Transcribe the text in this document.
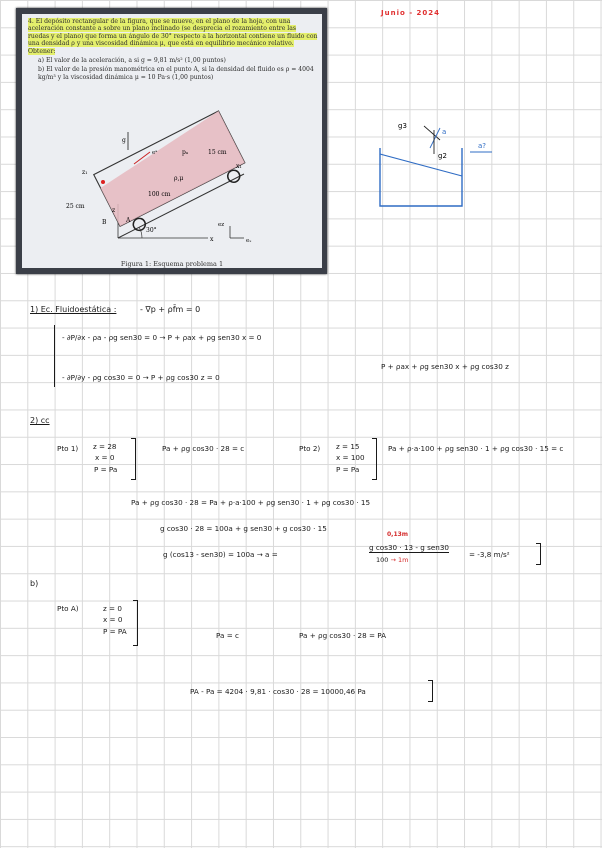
4. El depósito rectangular de la figura, que se mueve, en el plano de la hoja, con una aceleración constante a sobre un plano inclinado (se desprecia el rozamiento entre las ruedas y el plano) que forma un ángulo de 30° respecto a la horizontal contiene un fluido con una densidad ρ y una viscosidad dinámica μ, que está en equilibrio mecánico relativo. Obtener:

a) El valor de la aceleración, a si g = 9,81 m/s² (1,00 puntos)

b) El valor de la presión manométrica en el punto A, si la densidad del fluido es ρ = 4004 kg/m³ y la viscosidad dinámica μ = 10 Pa·s (1,00 puntos)

g
eᵃ	pₐ
ρ,μ
z₁
x₁
15 cm
100 cm
25 cm
30°
ez
eₓ
A
z
x
B
Figura 1: Esquema problema 1
Junio - 2024
g3
a
g2
a?
1) Ec. Fluidoestática :	- ∇p + ρf̄m = 0
- ∂P/∂x - ρa - ρg sen30 = 0 → P + ρax + ρg sen30 x = 0
- ∂P/∂y - ρg cos30 = 0 → P + ρg cos30 z = 0
P + ρax + ρg sen30 x + ρg cos30 z
2) cc
Pto 1) z = 28
x = 0
P = Pa
Pa + ρg cos30 · 28 = c	Pto 2) z = 15
x = 100
P = Pa
Pa + ρ·a·100 + ρg sen30 · 1 + ρg cos30 · 15 = c
Pa + ρg cos30 · 28 = Pa + ρ·a·100 + ρg sen30 · 1 + ρg cos30 · 15
g cos30 · 28 = 100a + g sen30 + g cos30 · 15
0,13m
g (cos13 - sen30) = 100a → a =
g cos30 · 13 - g sen30
100 → 1m
= -3,8 m/s²
b)
Pto A)	z = 0
x = 0
P = PA	Pa = c	Pa + ρg cos30 · 28 = PA
PA - Pa = 4204 · 9,81 · cos30 · 28 = 10000,46 Pa
